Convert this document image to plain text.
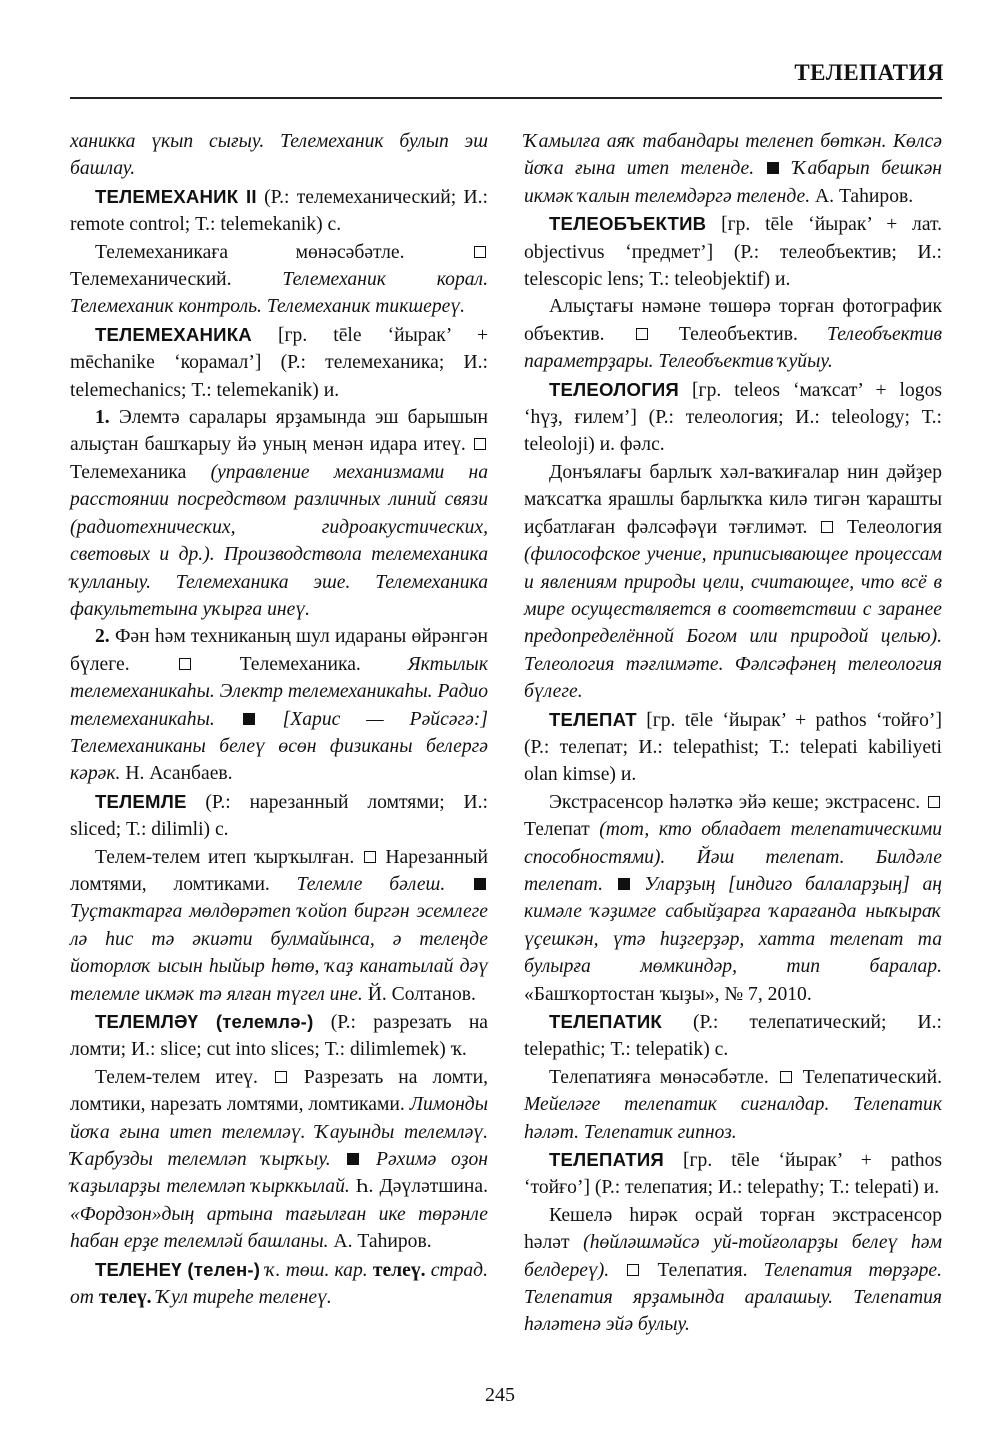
ТЕЛЕПАТИЯ

ханикка үкып сығыу. Телемеханик булып эш башлау.

ТЕЛЕМЕХАНИК II (Р.: телемеханический; И.: remote control; Т.: telemekanik) с.

Телемеханикаға мөнәсәбәтле.  Телемеханический.	Телемеханик корал. Телемеханик контроль. Телемеханик тикшереү.

ТЕЛЕМЕХАНИКА [гр. tēle ‘йырак’ + mēchanike ‘корамал’] (Р.: телемеханика; И.: telemechanics; Т.: telemekanik) и.

1. Элемтә саралары ярҙамында эш барышын алыҫтан башҡарыу йә уның менән идара итеү.  Телемеханика (управление механизмами на расстоянии посредством различных линий связи (радиотехнических, гидроакустических, световых и др.). Производствола телемеханика ҡулланыу. Телемеханика эше. Телемеханика факультетына уҡырға инеү.

2. Фән һәм техниканың шул идараны өйрәнгән бүлеге.	Телемеханика. Яктылык телемеханикаһы. Электр телемеханикаһы. Радио телемеханикаһы.	[Харис — Рәйсәгә:] Телемеханиканы белеү өсөн физиканы белергә кәрәк. Н. Асанбаев.

ТЕЛЕМЛЕ (Р.: нарезанный ломтями; И.: sliced; Т.: dilimli) с.

Телем-телем итеп ҡырҡылған. Нарезанный ломтями, ломтиками. Телемле бәлеш.  Туҫтактарға мөлдөрәтеп ҡойоп биргән эсемлеге лә һис тә әкиәти булмайынса, ә телеңде йоторлоҡ ысын һыйыр һөтө, ҡаҙ канатылай дәү телемле икмәк тә ялған түгел ине. Й. Солтанов.

ТЕЛЕМЛӘҮ (телемлә-) (Р.: разрезать на ломти; И.: slice; cut into slices; Т.: dilimlemek) ҡ.

Телем-телем итеү. Разрезать на ломти, ломтики, нарезать ломтями, ломтиками. Лимонды йоҡа ғына итеп телемләү. Ҡауынды телемләү. Ҡарбузды телемләп ҡырҡыу. Рәхимә оҙон ҡаҙыларҙы телемләп ҡырккылай. Һ. Дәүләтшина. «Фордзон»дың артына тағылған ике төрәнле һабан ерҙе телемләй башланы. А. Таһиров.

ТЕЛЕНЕҮ (телен-) ҡ. төш. кар. телеү. страд. от телеү. Ҡул тиреһе теленеү.

Ҡамылға аяҡ табандары теленеп бөткән. Көлсә йоҡа ғына итеп теленде. Ҡабарып бешкән икмәк ҡалын телемдәргә теленде. А. Таһиров.

ТЕЛЕОБЪЕКТИВ [гр. tēle ‘йырак’ + лат. objectivus ‘предмет’] (Р.: телеобъектив; И.: telescopic lens; Т.: teleobjektif) и.

Алыҫтағы нәмәне төшөрә торған фотографик объектив.	Телеобъектив. Телеобъектив параметрҙары. Телеобъектив ҡуйыу.

ТЕЛЕОЛОГИЯ [гр. teleos ‘маҡсат’ + logos ‘һүҙ, ғилем’] (Р.: телеология; И.: teleology; Т.: teleoloji) и. фәлс.

Донъялағы барлыҡ хәл-ваҡиғалар нин дәйҙер маҡсатҡа ярашлы барлыҡҡа килә тигән ҡарашты иҫбатлаған фәлсәфәүи тәғлимәт. Телеология (философское учение, приписывающее процессам и явлениям природы цели, считающее, что всё в мире осуществляется в соответствии с заранее предопределённой Богом или природой целью). Телеология тәғлимәте. Фәлсәфәнең телеология бүлеге.

ТЕЛЕПАТ [гр. tēle ‘йырак’ + pathos ‘тойғо’] (Р.: телепат; И.: telepathist; Т.: telepati kabiliyeti olan kimse) и.

Экстрасенсор һәләткә эйә кеше; экстрасенс.  Телепат (тот, кто обладает телепатическими способностями). Йәш телепат. Билдәле телепат. Уларҙың [индиго балаларҙың] аң кимәле ҡәҙимге сабыйҙарға ҡарағанда ныҡыраҡ үҫешкән, үтә һиҙгерҙәр, хатта телепат та булырға мөмкиндәр, тип баралар. «Башҡортостан ҡыҙы», № 7, 2010.

ТЕЛЕПАТИК (Р.: телепатический; И.: telepathic; Т.: telepatik) с.

Телепатияға мөнәсәбәтле. Телепатический. Мейеләге телепатик сигналдар. Телепатик һәләт. Телепатик гипноз.

ТЕЛЕПАТИЯ [гр. tēle ‘йырак’ + pathos ‘тойғо’] (Р.: телепатия; И.: telepathy; Т.: telepati) и.

Кешелә һирәк осрай торған экстрасенсор һәләт (һөйләшмәйсә уй-тойғоларҙы белеү һәм белдереү). Телепатия. Телепатия төрҙәре. Телепатия ярҙамында аралашыу. Телепатия һәләтенә эйә булыу.

245
